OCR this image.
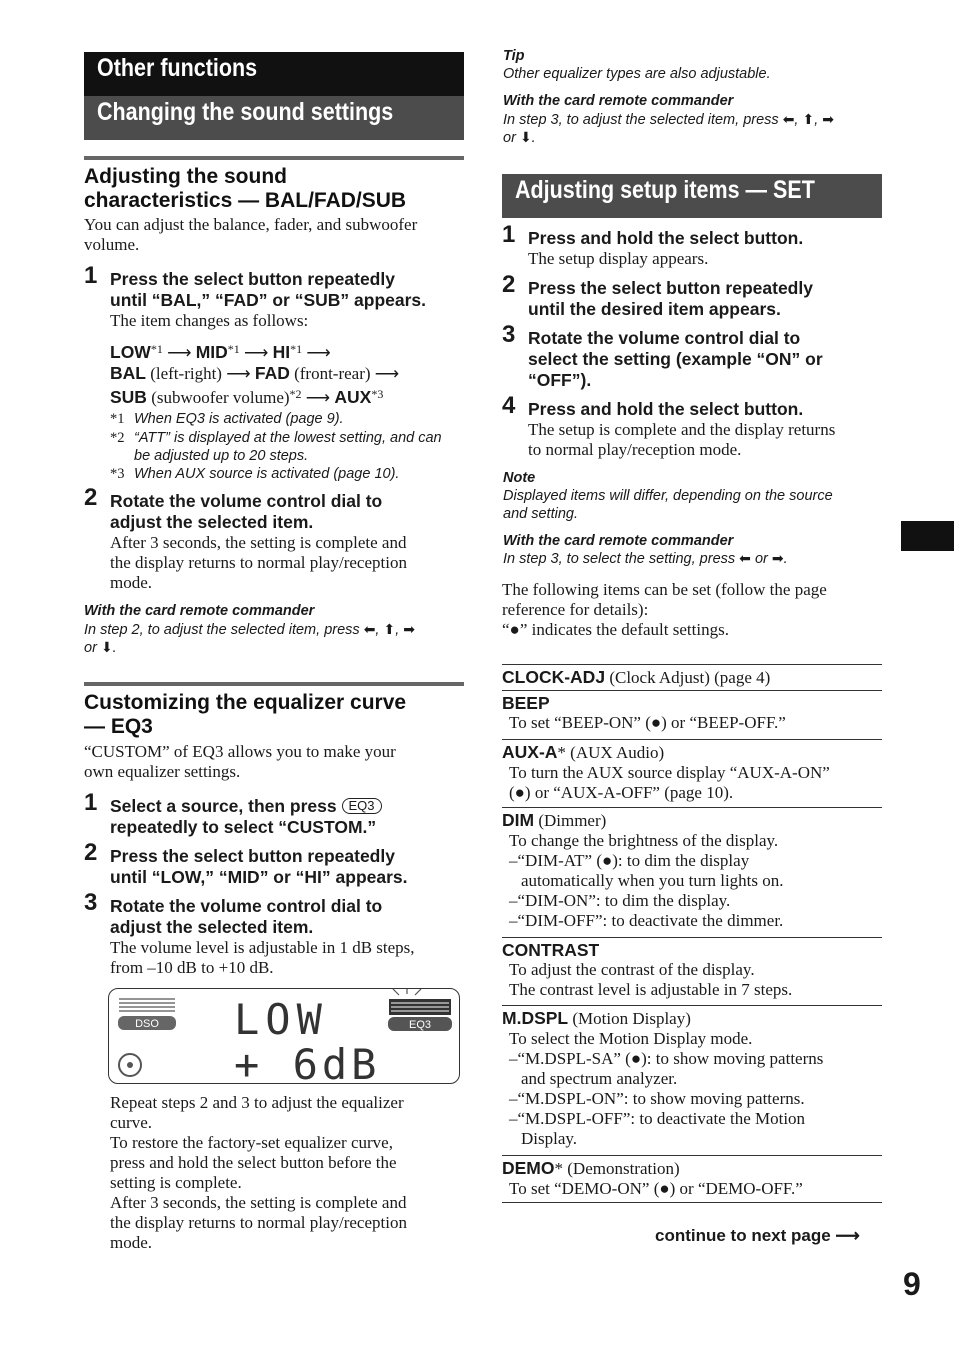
Other functions
Changing the sound settings
Adjusting the sound
characteristics — BAL/FAD/SUB
You can adjust the balance, fader, and subwoofer
volume.
1 Press the select button repeatedly
until “BAL,” “FAD” or “SUB” appears.
The item changes as follows:
LOW$^{*1}$ ⟶ MID$^{*1}$ ⟶ HI$^{*1}$ ⟶
BAL (left-right) ⟶ FAD (front-rear) ⟶
SUB (subwoofer volume)$^{*2}$ ⟶ AUX$^{*3}$
*1 When EQ3 is activated (page 9).
*2 “ATT” is displayed at the lowest setting, and can
be adjusted up to 20 steps.
*3 When AUX source is activated (page 10).
2 Rotate the volume control dial to
adjust the selected item.
After 3 seconds, the setting is complete and
the display returns to normal play/reception
mode.
With the card remote commander
In step 2, to adjust the selected item, press ⬅, ⬆, ➡
or ⬇.
Customizing the equalizer curve
— EQ3
“CUSTOM” of EQ3 allows you to make your
own equalizer settings.
1 Select a source, then press EQ3
repeatedly to select “CUSTOM.”
2 Press the select button repeatedly
until “LOW,” “MID” or “HI” appears.
3 Rotate the volume control dial to
adjust the selected item.
The volume level is adjustable in 1 dB steps,
from –10 dB to +10 dB.
DSO	EQ3
LOW
+ 6dB
Repeat steps 2 and 3 to adjust the equalizer
curve.
To restore the factory-set equalizer curve,
press and hold the select button before the
setting is complete.
After 3 seconds, the setting is complete and
the display returns to normal play/reception
mode.
Tip
Other equalizer types are also adjustable.
With the card remote commander
In step 3, to adjust the selected item, press ⬅, ⬆, ➡
or ⬇.
Adjusting setup items — SET
1 Press and hold the select button.
The setup display appears.
2 Press the select button repeatedly
until the desired item appears.
3 Rotate the volume control dial to
select the setting (example “ON” or
“OFF”).
4 Press and hold the select button.
The setup is complete and the display returns
to normal play/reception mode.
Note
Displayed items will differ, depending on the source
and setting.
With the card remote commander
In step 3, to select the setting, press ⬅ or ➡.
The following items can be set (follow the page
reference for details):
“●” indicates the default settings.
CLOCK-ADJ (Clock Adjust) (page 4)
BEEP
To set “BEEP-ON” (●) or “BEEP-OFF.”
AUX-A* (AUX Audio)
To turn the AUX source display “AUX-A-ON”
(●) or “AUX-A-OFF” (page 10).
DIM (Dimmer)
To change the brightness of the display.
–“DIM-AT” (●): to dim the display
automatically when you turn lights on.
–“DIM-ON”: to dim the display.
–“DIM-OFF”: to deactivate the dimmer.
CONTRAST
To adjust the contrast of the display.
The contrast level is adjustable in 7 steps.
M.DSPL (Motion Display)
To select the Motion Display mode.
–“M.DSPL-SA” (●): to show moving patterns
and spectrum analyzer.
–“M.DSPL-ON”: to show moving patterns.
–“M.DSPL-OFF”: to deactivate the Motion
Display.
DEMO* (Demonstration)
To set “DEMO-ON” (●) or “DEMO-OFF.”
continue to next page ⟶
9
